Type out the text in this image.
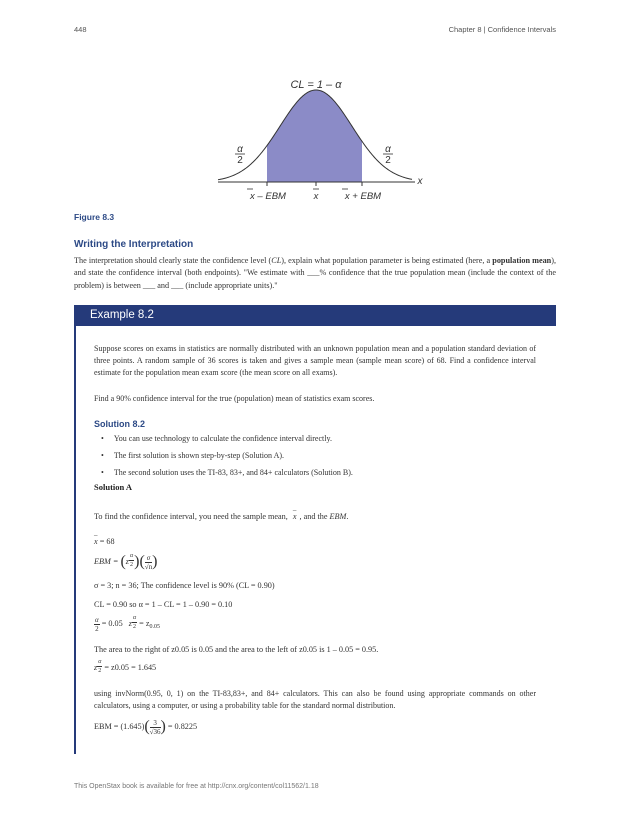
448	Chapter 8 | Confidence Intervals
CL = 1 – α
α
2
α
2
x
x – EBM	x	x + EBM
Figure 8.3
Writing the Interpretation
The interpretation should clearly state the confidence level (CL), explain what population parameter is being estimated (here, a population mean), and state the confidence interval (both endpoints). "We estimate with ___% confidence that the true population mean (include the context of the problem) is between ___ and ___ (include appropriate units)."
Example 8.2
Suppose scores on exams in statistics are normally distributed with an unknown population mean and a population standard deviation of three points. A random sample of 36 scores is taken and gives a sample mean (sample mean score) of 68. Find a confidence interval estimate for the population mean exam score (the mean score on all exams).
Find a 90% confidence interval for the true (population) mean of statistics exam scores.
Solution 8.2
• You can use technology to calculate the confidence interval directly.
• The first solution is shown step-by-step (Solution A).
• The second solution uses the TI-83, 83+, and 84+ calculators (Solution B).
Solution A
To find the confidence interval, you need the sample mean,
–
x , and the EBM.
–
x = 68
EBM = ($z \frac{\alpha}{2}$ )( $\frac{\sigma}{√n}$ )
σ = 3; n = 36; The confidence level is 90% (CL = 0.90)
CL = 0.90 so α = 1 – CL = 1 – 0.90 = 0.10
$\frac{\alpha}{2} = 0.05$ z $\frac{\alpha}{2} = z_{0.05}$
The area to the right of z0.05 is 0.05 and the area to the left of z0.05 is 1 – 0.05 = 0.95.
z $\frac{\alpha}{2} = z0.05 = 1.645$
using invNorm(0.95, 0, 1) on the TI-83,83+, and 84+ calculators. This can also be found using appropriate commands on other calculators, using a computer, or using a probability table for the standard normal distribution.
EBM = $(1.645)( \frac{3}{√36}$ ) = 0.8225
This OpenStax book is available for free at http://cnx.org/content/col11562/1.18
